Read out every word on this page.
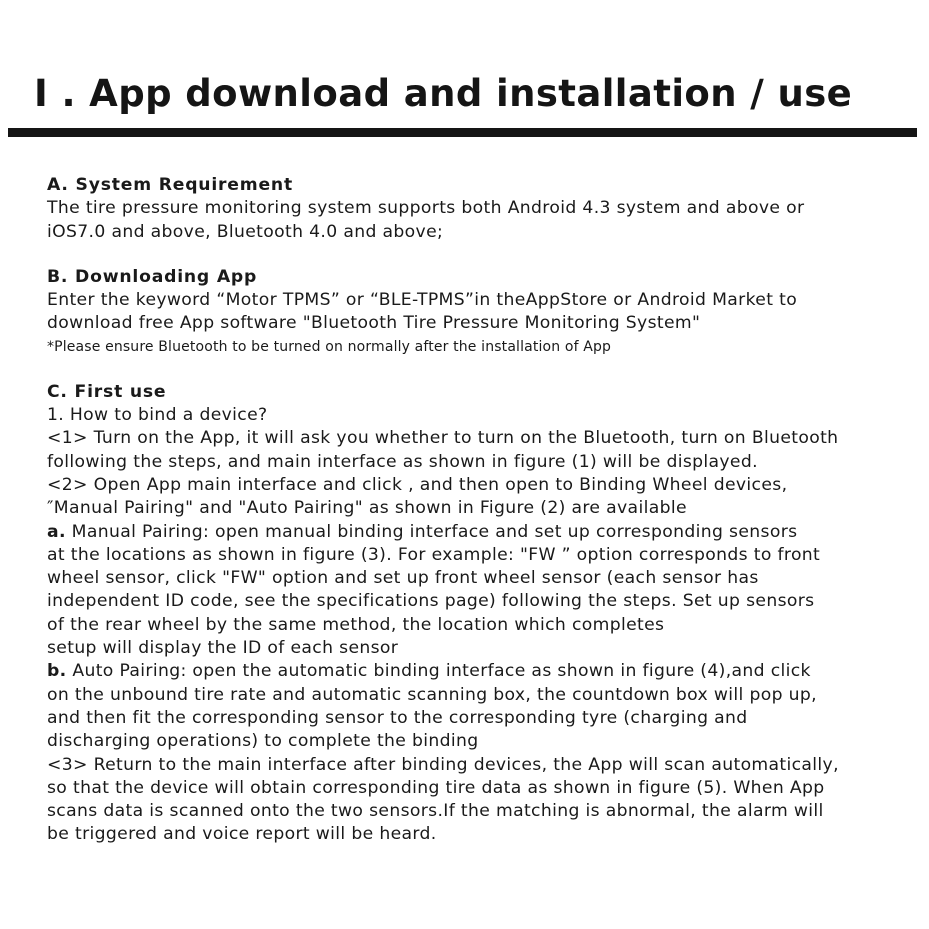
I . App download and installation / use
A. System Requirement
The tire pressure monitoring system supports both Android 4.3 system and above or
iOS7.0 and above, Bluetooth 4.0 and above;
B. Downloading App
Enter the keyword “Motor TPMS” or “BLE-TPMS”in theAppStore or Android Market to
download free App software "Bluetooth Tire Pressure Monitoring System"
*Please ensure Bluetooth to be turned on normally after the installation of App
C. First use
1. How to bind a device?
<1> Turn on the App, it will ask you whether to turn on the Bluetooth, turn on Bluetooth
following the steps, and main interface as shown in figure (1) will be displayed.
<2> Open App main interface and click , and then open to Binding Wheel devices,
″Manual Pairing" and "Auto Pairing" as shown in Figure (2) are available
a. Manual Pairing: open manual binding interface and set up corresponding sensors
at the locations as shown in figure (3). For example: "FW ” option corresponds to front
wheel sensor, click "FW" option and set up front wheel sensor (each sensor has
independent ID code, see the specifications page) following the steps. Set up sensors
of the rear wheel by the same method, the location which completes
setup will display the ID of each sensor
b. Auto Pairing: open the automatic binding interface as shown in figure (4),and click
on the unbound tire rate and automatic scanning box, the countdown box will pop up,
and then fit the corresponding sensor to the corresponding tyre (charging and
discharging operations) to complete the binding
<3> Return to the main interface after binding devices, the App will scan automatically,
so that the device will obtain corresponding tire data as shown in figure (5). When App
scans data is scanned onto the two sensors.If the matching is abnormal, the alarm will
be triggered and voice report will be heard.
